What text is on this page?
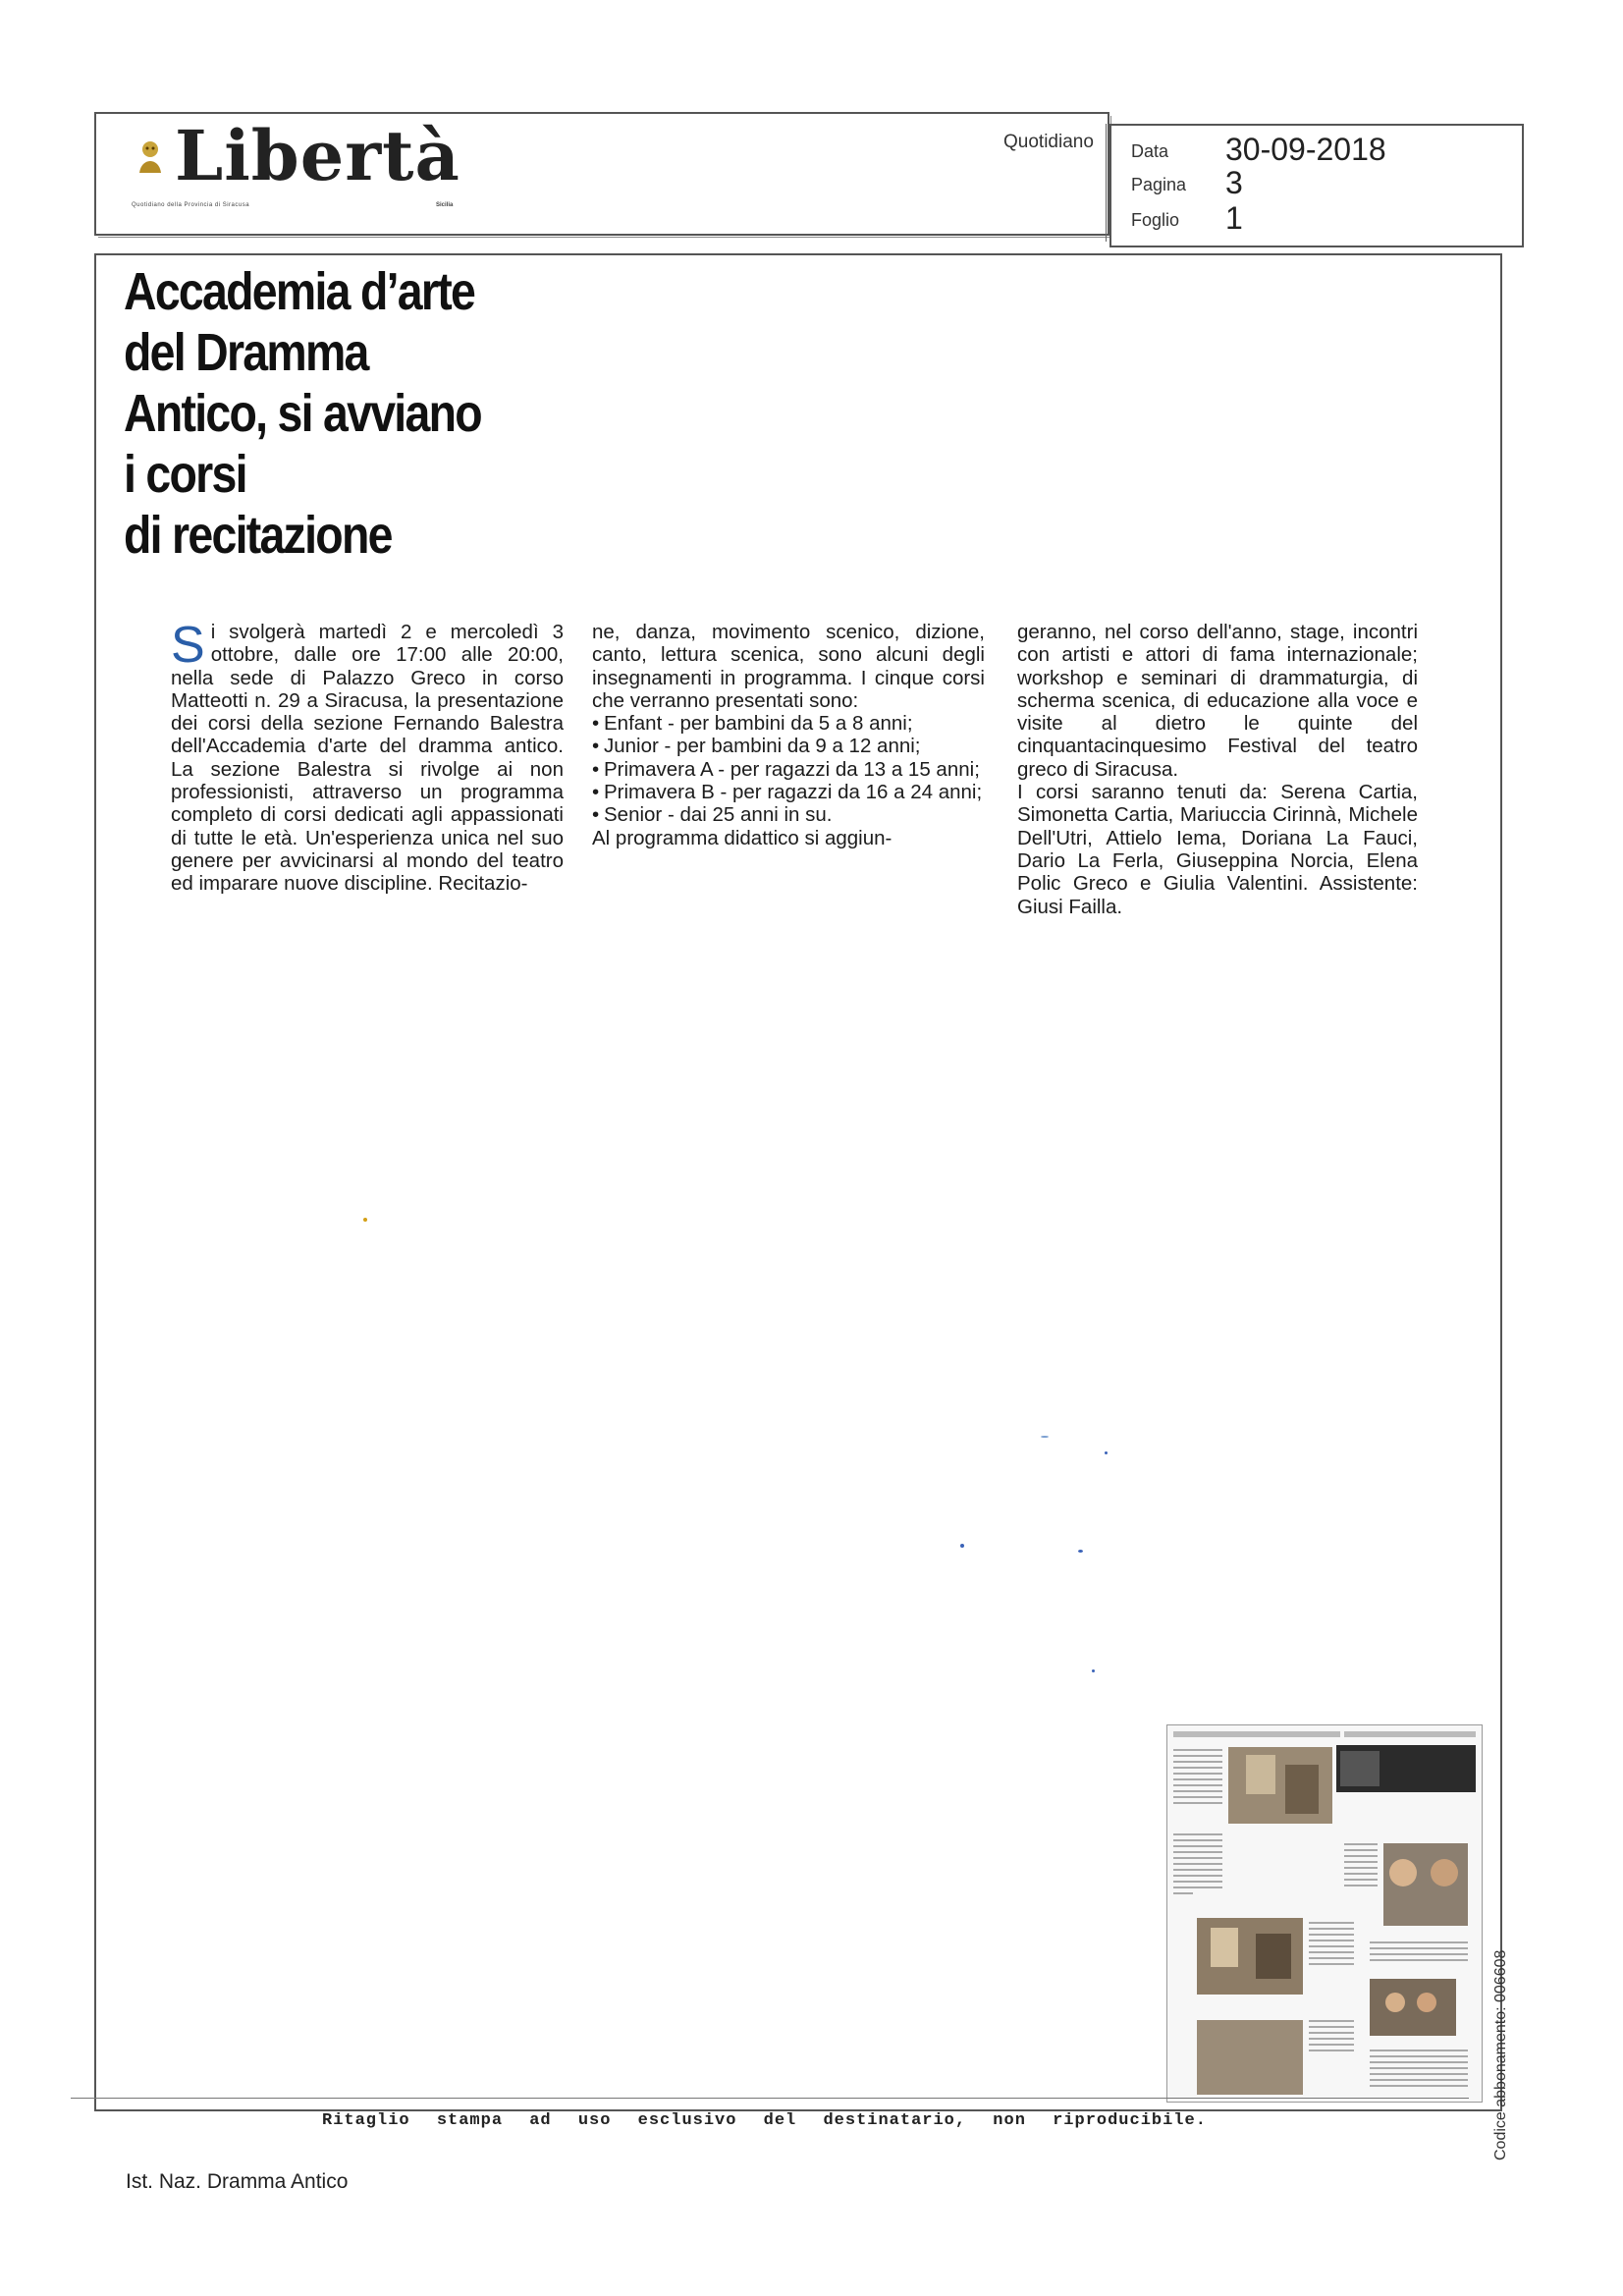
Libertà
Quotidiano della Provincia di Siracusa	Sicilia
Quotidiano Data 30-09-2018
Pagina 3
Foglio 1
Accademia d’arte
del Dramma
Antico, si avviano
i corsi
di recitazione

Si svolgerà martedì 2 e mercoledì 3 ottobre, dalle ore 17:00 alle 20:00, nella sede di Palazzo Greco in corso Matteotti n. 29 a Siracusa, la presentazione dei corsi della sezione Fernando Balestra dell'Accademia d'arte del dramma antico. La sezione Balestra si rivolge ai non professionisti, attraverso un programma completo di corsi dedicati agli appassionati di tutte le età. Un'esperienza unica nel suo genere per avvicinarsi al mondo del teatro ed imparare nuove discipline. Recitazio-

ne, danza, movimento scenico, dizione, canto, lettura scenica, sono alcuni degli insegnamenti in programma. I cinque corsi che verranno presentati sono:

• Enfant - per bambini da 5 a 8 anni;
• Junior - per bambini da 9 a 12 anni;
• Primavera A - per ragazzi da 13 a 15 anni;
• Primavera B - per ragazzi da 16 a 24 anni;
• Senior - dai 25 anni in su.

Al programma didattico si aggiun-

geranno, nel corso dell'anno, stage, incontri con artisti e attori di fama internazionale; workshop e seminari di drammaturgia, di scherma scenica, di educazione alla voce e visite al dietro le quinte del cinquantacinquesimo Festival del teatro greco di Siracusa.

I corsi saranno tenuti da: Serena Cartia, Simonetta Cartia, Mariuccia Cirinnà, Michele Dell'Utri, Attielo Iema, Doriana La Fauci, Dario La Ferla, Giuseppina Norcia, Elena Polic Greco e Giulia Valentini. Assistente: Giusi Failla.

Codice abbonamento: 006608
Ritaglio stampa ad uso esclusivo del destinatario, non riproducibile.
Ist. Naz. Dramma Antico
